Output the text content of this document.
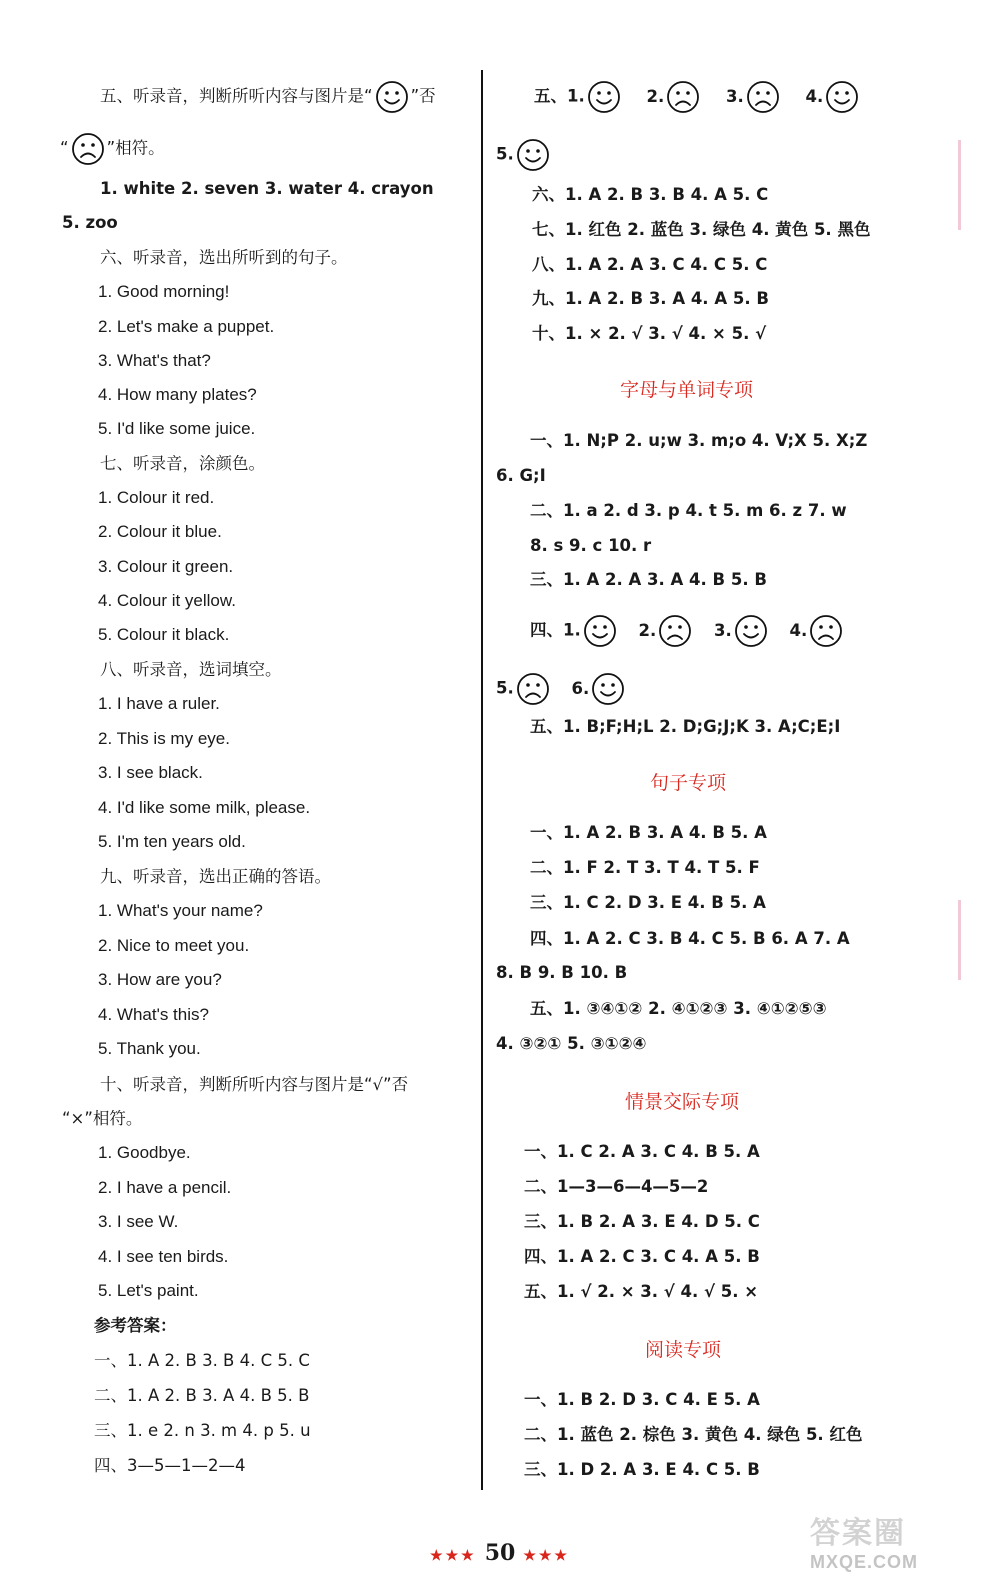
五、听录音，判断所听内容与图片是“ ”否
“ ”相符。
1. white 2. seven 3. water 4. crayon
5. zoo
六、听录音，选出所听到的句子。
1. Good morning!
2. Let's make a puppet.
3. What's that?
4. How many plates?
5. I'd like some juice.
七、听录音，涂颜色。
1. Colour it red.
2. Colour it blue.
3. Colour it green.
4. Colour it yellow.
5. Colour it black.
八、听录音，选词填空。
1. I have a ruler.
2. This is my eye.
3. I see black.
4. I'd like some milk, please.
5. I'm ten years old.
九、听录音，选出正确的答语。
1. What's your name?
2. Nice to meet you.
3. How are you?
4. What's this?
5. Thank you.
十、听录音，判断所听内容与图片是“√”否
“×”相符。
1. Goodbye.
2. I have a pencil.
3. I see W.
4. I see ten birds.
5. Let's paint.
参考答案：
一、1. A 2. B 3. B 4. C 5. C
二、1. A 2. B 3. A 4. B 5. B
三、1. e 2. n 3. m 4. p 5. u
四、3—5—1—2—4
五、1.	2.	3.	4.
5.
六、1. A 2. B 3. B 4. A 5. C
七、1. 红色 2. 蓝色 3. 绿色 4. 黄色 5. 黑色
八、1. A 2. A 3. C 4. C 5. C
九、1. A 2. B 3. A 4. A 5. B
十、1. × 2. √ 3. √ 4. × 5. √
字母与单词专项
一、1. N;P 2. u;w 3. m;o 4. V;X 5. X;Z
6. G;I
二、1. a 2. d 3. p 4. t 5. m 6. z 7. w
8. s 9. c 10. r
三、1. A 2. A 3. A 4. B 5. B
四、1.	2.	3.	4.
5.	6.
五、1. B;F;H;L 2. D;G;J;K 3. A;C;E;I
句子专项
一、1. A 2. B 3. A 4. B 5. A
二、1. F 2. T 3. T 4. T 5. F
三、1. C 2. D 3. E 4. B 5. A
四、1. A 2. C 3. B 4. C 5. B 6. A 7. A
8. B 9. B 10. B
五、1. ③④①② 2. ④①②③ 3. ④①②⑤③
4. ③②① 5. ③①②④
情景交际专项
一、1. C 2. A 3. C 4. B 5. A
二、1—3—6—4—5—2
三、1. B 2. A 3. E 4. D 5. C
四、1. A 2. C 3. C 4. A 5. B
五、1. √ 2. × 3. √ 4. √ 5. ×
阅读专项
一、1. B 2. D 3. C 4. E 5. A
二、1. 蓝色 2. 棕色 3. 黄色 4. 绿色 5. 红色
三、1. D 2. A 3. E 4. C 5. B
★★★ 50 ★★★
答案圈
MXQE.COM
